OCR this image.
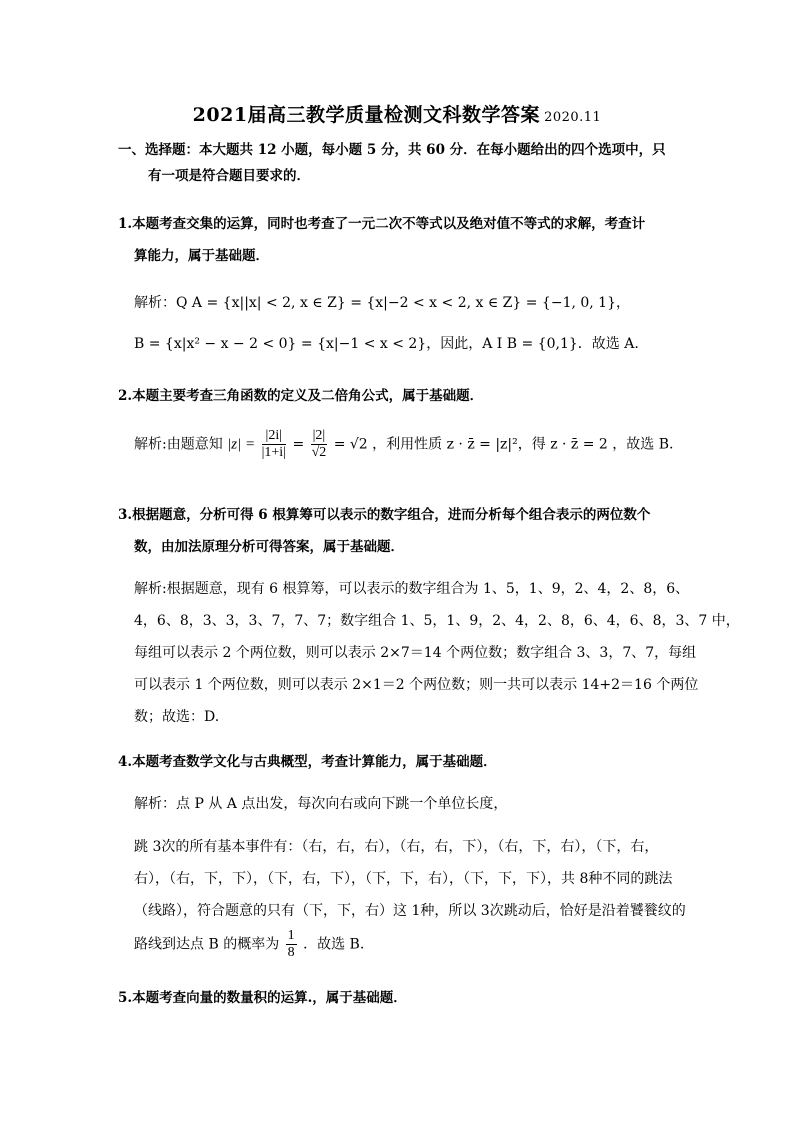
2021届高三教学质量检测文科数学答案 2020.11
一、选择题：本大题共 12 小题，每小题 5 分，共 60 分．在每小题给出的四个选项中，只
有一项是符合题目要求的．
1.本题考查交集的运算，同时也考查了一元二次不等式以及绝对值不等式的求解，考查计
算能力，属于基础题．
解析：Q A = {x||x| < 2, x ∈ Z} = {x|−2 < x < 2, x ∈ Z} = {−1, 0, 1}，
B = {x|x² − x − 2 < 0} = {x|−1 < x < 2}，因此，A I B = {0,1}．故选 A.
2.本题主要考查三角函数的定义及二倍角公式，属于基础题．
解析:由题意知 $|z| = \frac{|2i|}{|1+i|} = \frac{|2|}{√2} = √2$ ，利用性质 z · z̄ = |z|²，得 z · z̄ = 2 ，故选 B.
3.根据题意，分析可得 6 根算筹可以表示的数字组合，进而分析每个组合表示的两位数个
数，由加法原理分析可得答案，属于基础题．
解析:根据题意，现有 6 根算筹，可以表示的数字组合为 1、5，1、9，2、4，2、8，6、
4，6、8，3、3，3、7，7、7；数字组合 1、5，1、9，2、4，2、8，6、4，6、8，3、7 中，
每组可以表示 2 个两位数，则可以表示 2×7＝14 个两位数；数字组合 3、3，7、7，每组
可以表示 1 个两位数，则可以表示 2×1＝2 个两位数；则一共可以表示 14+2＝16 个两位
数；故选：D.
4.本题考查数学文化与古典概型，考查计算能力，属于基础题．
解析：点 P 从 A 点出发，每次向右或向下跳一个单位长度，
跳 3次的所有基本事件有：（右，右，右），（右，右，下），（右，下，右），（下，右，
右），（右，下，下），（下，右，下），（下，下，右），（下，下，下），共 8种不同的跳法
（线路），符合题意的只有（下，下，右）这 1种，所以 3次跳动后，恰好是沿着饕餮纹的
路线到达点 B 的概率为 $\frac{1}{8}$ ．故选 B.
5.本题考查向量的数量积的运算.，属于基础题．
